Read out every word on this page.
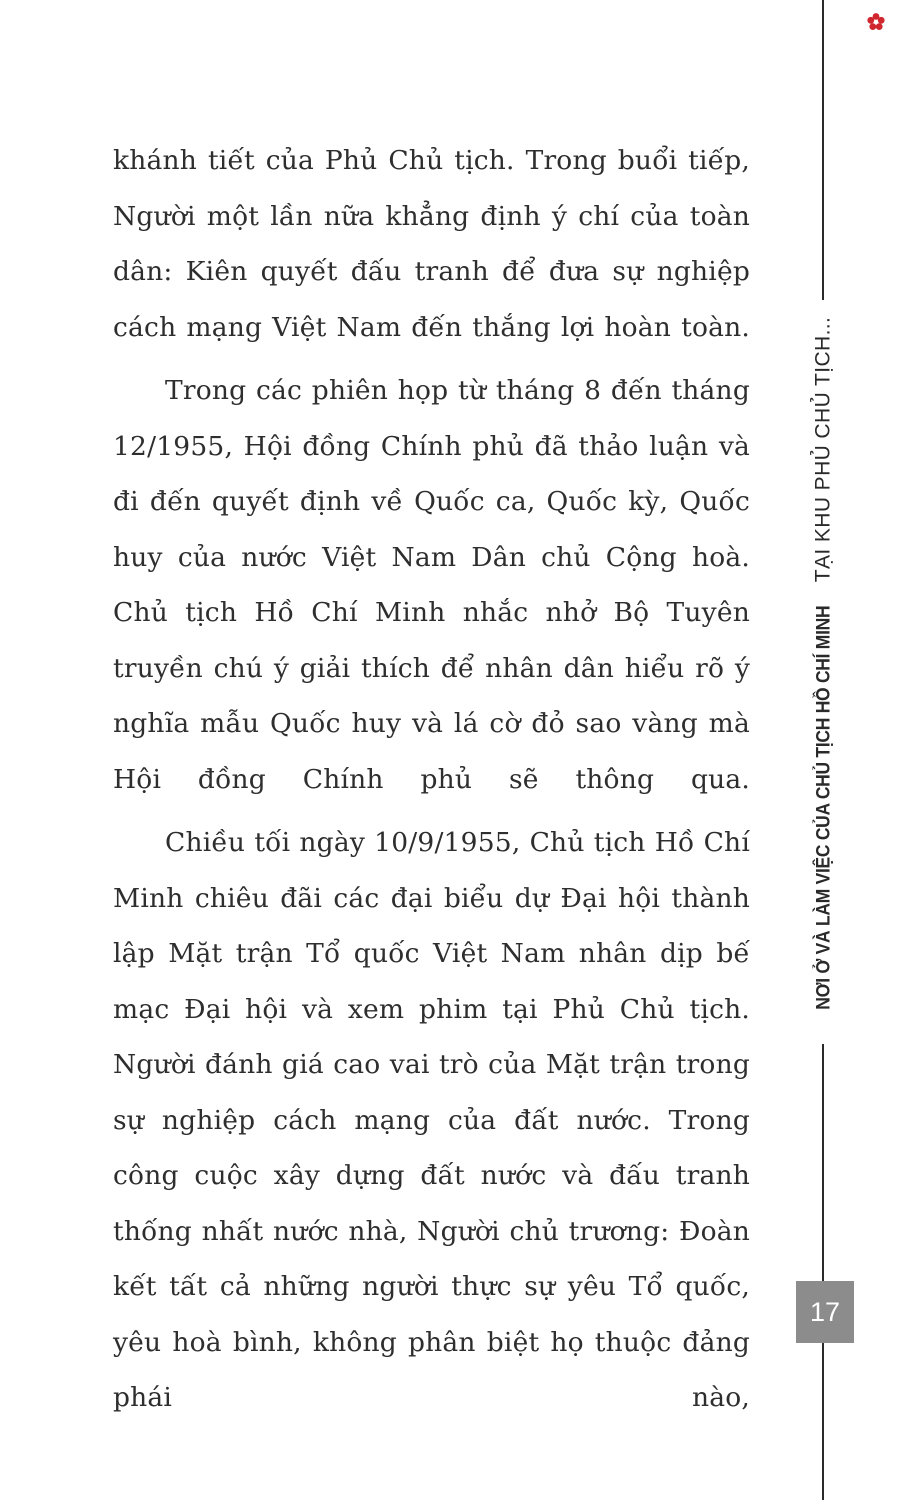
khánh tiết của Phủ Chủ tịch. Trong buổi tiếp, Người một lần nữa khẳng định ý chí của toàn dân: Kiên quyết đấu tranh để đưa sự nghiệp cách mạng Việt Nam đến thắng lợi hoàn toàn.

Trong các phiên họp từ tháng 8 đến tháng 12/1955, Hội đồng Chính phủ đã thảo luận và đi đến quyết định về Quốc ca, Quốc kỳ, Quốc huy của nước Việt Nam Dân chủ Cộng hoà. Chủ tịch Hồ Chí Minh nhắc nhở Bộ Tuyên truyền chú ý giải thích để nhân dân hiểu rõ ý nghĩa mẫu Quốc huy và lá cờ đỏ sao vàng mà Hội đồng Chính phủ sẽ thông qua.

Chiều tối ngày 10/9/1955, Chủ tịch Hồ Chí Minh chiêu đãi các đại biểu dự Đại hội thành lập Mặt trận Tổ quốc Việt Nam nhân dịp bế mạc Đại hội và xem phim tại Phủ Chủ tịch. Người đánh giá cao vai trò của Mặt trận trong sự nghiệp cách mạng của đất nước. Trong công cuộc xây dựng đất nước và đấu tranh thống nhất nước nhà, Người chủ trương: Đoàn kết tất cả những người thực sự yêu Tổ quốc, yêu hoà bình, không phân biệt họ thuộc đảng phái nào,

NƠI Ở VÀ LÀM VIỆC CỦA CHỦ TỊCH HỒ CHÍ MINH TẠI KHU PHỦ CHỦ TỊCH...
17
